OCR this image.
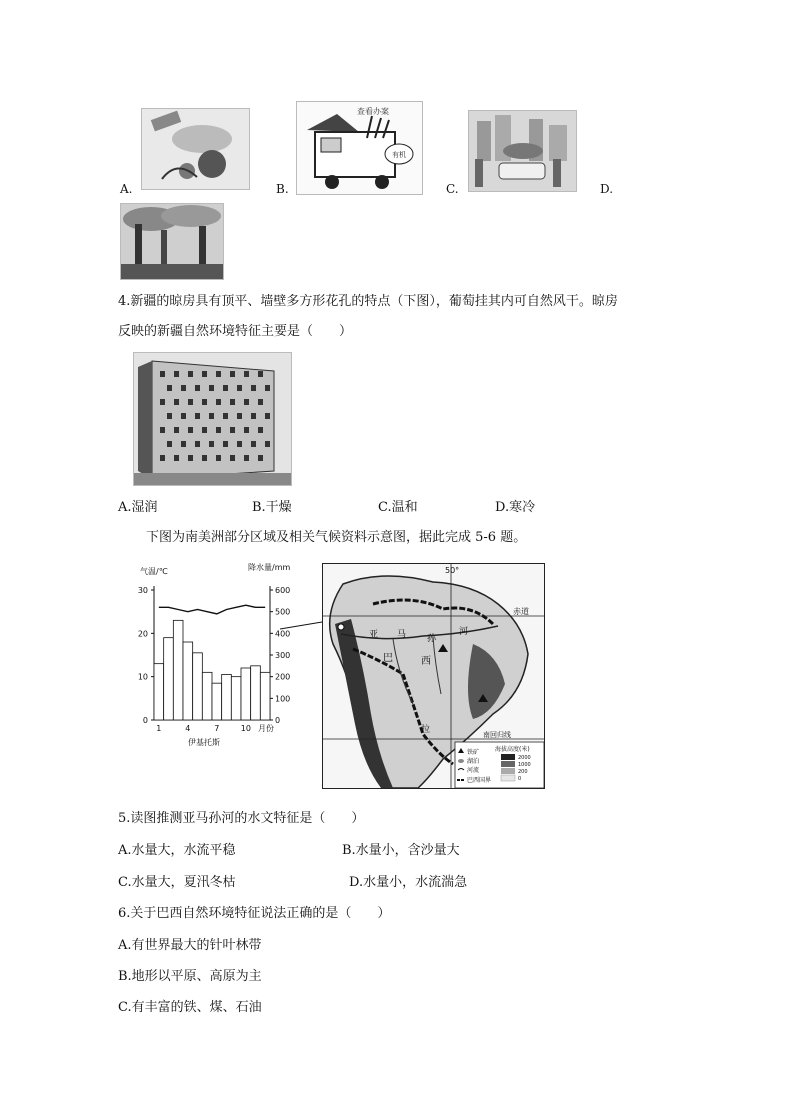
A.
查看办案
有机
B.	C.	D.
4.新疆的晾房具有顶平、墙壁多方形花孔的特点（下图），葡萄挂其内可自然风干。晾房
反映的新疆自然环境特征主要是（　　）
A.湿润	B.干燥	C.温和	D.寒冷
下图为南美洲部分区域及相关气候资料示意图，据此完成 5-6 题。
气温/℃	降水量/mm
0
10
20
30
0
100
200
300
400
500
600
1	4	7	10 月份
伊基托斯
赤道
50°
南回归线
亚 马 孙
河
巴	西
拉
海拔高度(米)
铁矿
湖泊
河流
巴西国界
2000
1000
200
0
5.读图推测亚马孙河的水文特征是（　　）
A.水量大，水流平稳	B.水量小，含沙量大
C.水量大，夏汛冬枯	D.水量小，水流湍急
6.关于巴西自然环境特征说法正确的是（　　）
A.有世界最大的针叶林带
B.地形以平原、高原为主
C.有丰富的铁、煤、石油
